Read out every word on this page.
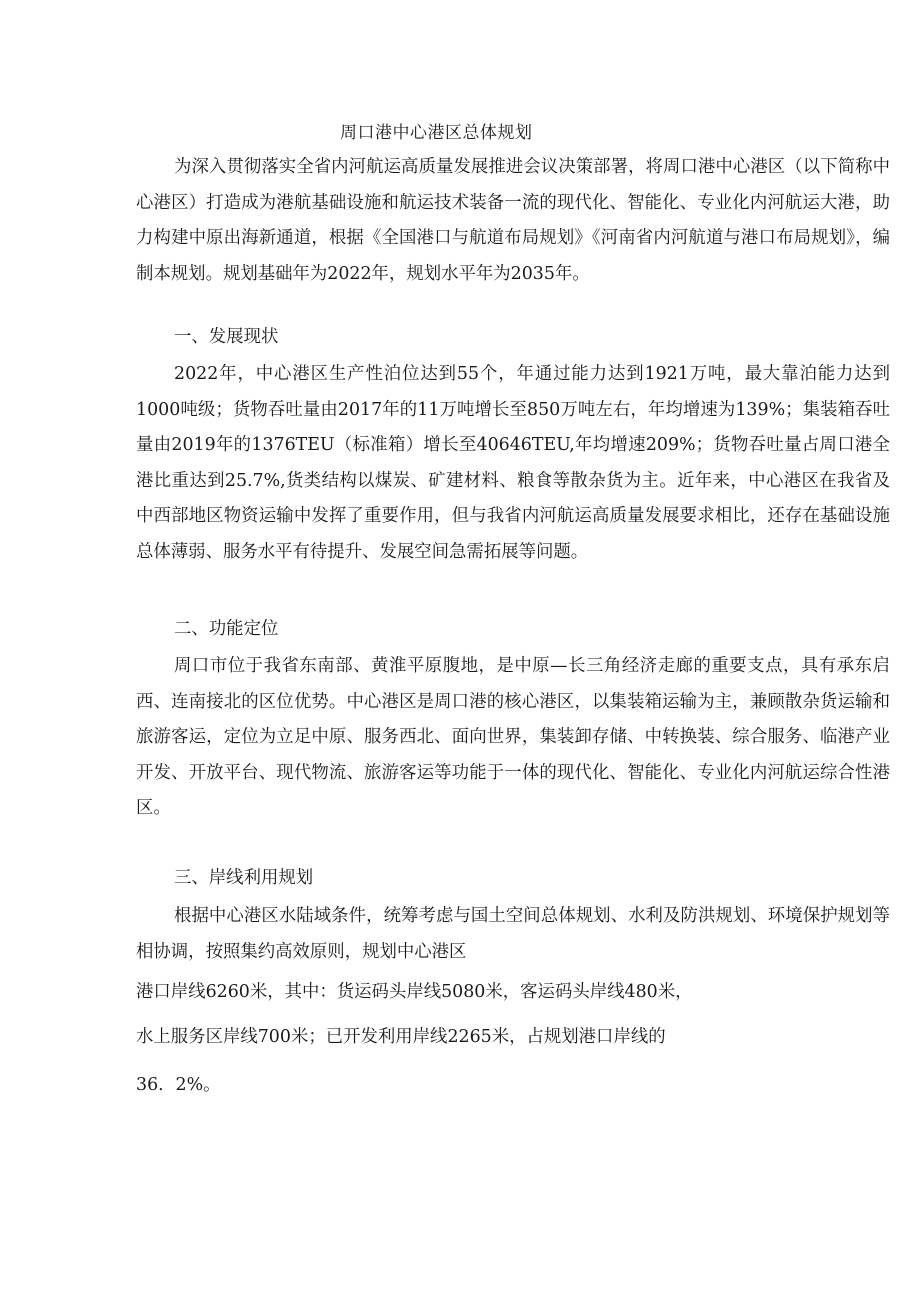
周口港中心港区总体规划
为深入贯彻落实全省内河航运高质量发展推进会议决策部署，将周口港中心港区（以下简称中心港区）打造成为港航基础设施和航运技术装备一流的现代化、智能化、专业化内河航运大港，助力构建中原出海新通道，根据《全国港口与航道布局规划》《河南省内河航道与港口布局规划》，编制本规划。规划基础年为2022年，规划水平年为2035年。
一、发展现状
2022年，中心港区生产性泊位达到55个，年通过能力达到1921万吨，最大靠泊能力达到1000吨级；货物吞吐量由2017年的11万吨增长至850万吨左右，年均增速为139%；集装箱吞吐量由2019年的1376TEU（标准箱）增长至40646TEU,年均增速209%；货物吞吐量占周口港全港比重达到25.7%,货类结构以煤炭、矿建材料、粮食等散杂货为主。近年来，中心港区在我省及中西部地区物资运输中发挥了重要作用，但与我省内河航运高质量发展要求相比，还存在基础设施总体薄弱、服务水平有待提升、发展空间急需拓展等问题。
二、功能定位
周口市位于我省东南部、黄淮平原腹地，是中原—长三角经济走廊的重要支点，具有承东启西、连南接北的区位优势。中心港区是周口港的核心港区，以集装箱运输为主，兼顾散杂货运输和旅游客运，定位为立足中原、服务西北、面向世界，集装卸存储、中转换装、综合服务、临港产业开发、开放平台、现代物流、旅游客运等功能于一体的现代化、智能化、专业化内河航运综合性港区。
三、岸线利用规划
根据中心港区水陆域条件，统筹考虑与国土空间总体规划、水利及防洪规划、环境保护规划等相协调，按照集约高效原则，规划中心港区
港口岸线6260米，其中：货运码头岸线5080米，客运码头岸线480米，
水上服务区岸线700米；已开发利用岸线2265米，占规划港口岸线的
36．2%。
